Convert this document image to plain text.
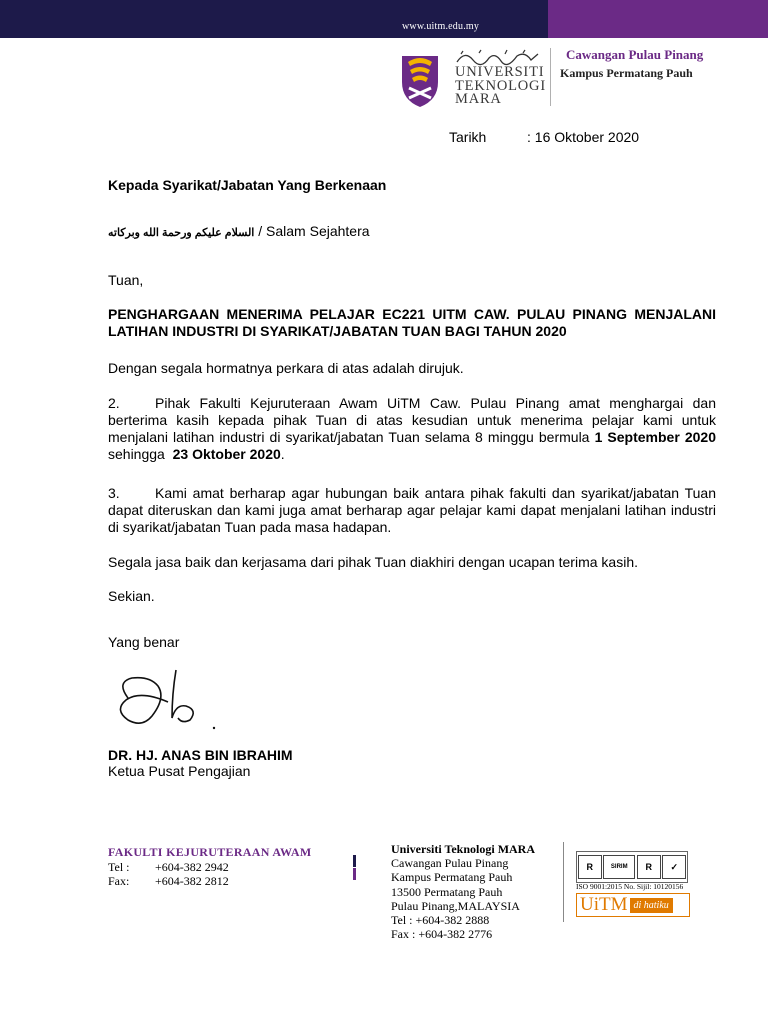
www.uitm.edu.my
UNIVERSITI
TEKNOLOGI
MARA
Cawangan Pulau Pinang
Kampus Permatang Pauh
Tarikh	: 16 Oktober 2020
Kepada Syarikat/Jabatan Yang Berkenaan
السلام عليكم ورحمة الله وبركاته / Salam Sejahtera
Tuan,
PENGHARGAAN MENERIMA PELAJAR EC221 UITM CAW. PULAU PINANG MENJALANI LATIHAN INDUSTRI DI SYARIKAT/JABATAN TUAN BAGI TAHUN 2020
Dengan segala hormatnya perkara di atas adalah dirujuk.
2.	Pihak Fakulti Kejuruteraan Awam UiTM Caw. Pulau Pinang amat menghargai dan berterima kasih kepada pihak Tuan di atas kesudian untuk menerima pelajar kami untuk menjalani latihan industri di syarikat/jabatan Tuan selama 8 minggu bermula 1 September 2020 sehingga 23 Oktober 2020.
3.	Kami amat berharap agar hubungan baik antara pihak fakulti dan syarikat/jabatan Tuan dapat diteruskan dan kami juga amat berharap agar pelajar kami dapat menjalani latihan industri di syarikat/jabatan Tuan pada masa hadapan.
Segala jasa baik dan kerjasama dari pihak Tuan diakhiri dengan ucapan terima kasih.
Sekian.
Yang benar
DR. HJ. ANAS BIN IBRAHIM
Ketua Pusat Pengajian
FAKULTI KEJURUTERAAN AWAM
Tel : +604-382 2942
Fax: +604-382 2812
Universiti Teknologi MARA
Cawangan Pulau Pinang
Kampus Permatang Pauh
13500 Permatang Pauh
Pulau Pinang,MALAYSIA
Tel : +604-382 2888
Fax : +604-382 2776
R	SIRIM	R	✓
ISO 9001:2015 No. Sijil: 10120156
UiTM di hatiku
